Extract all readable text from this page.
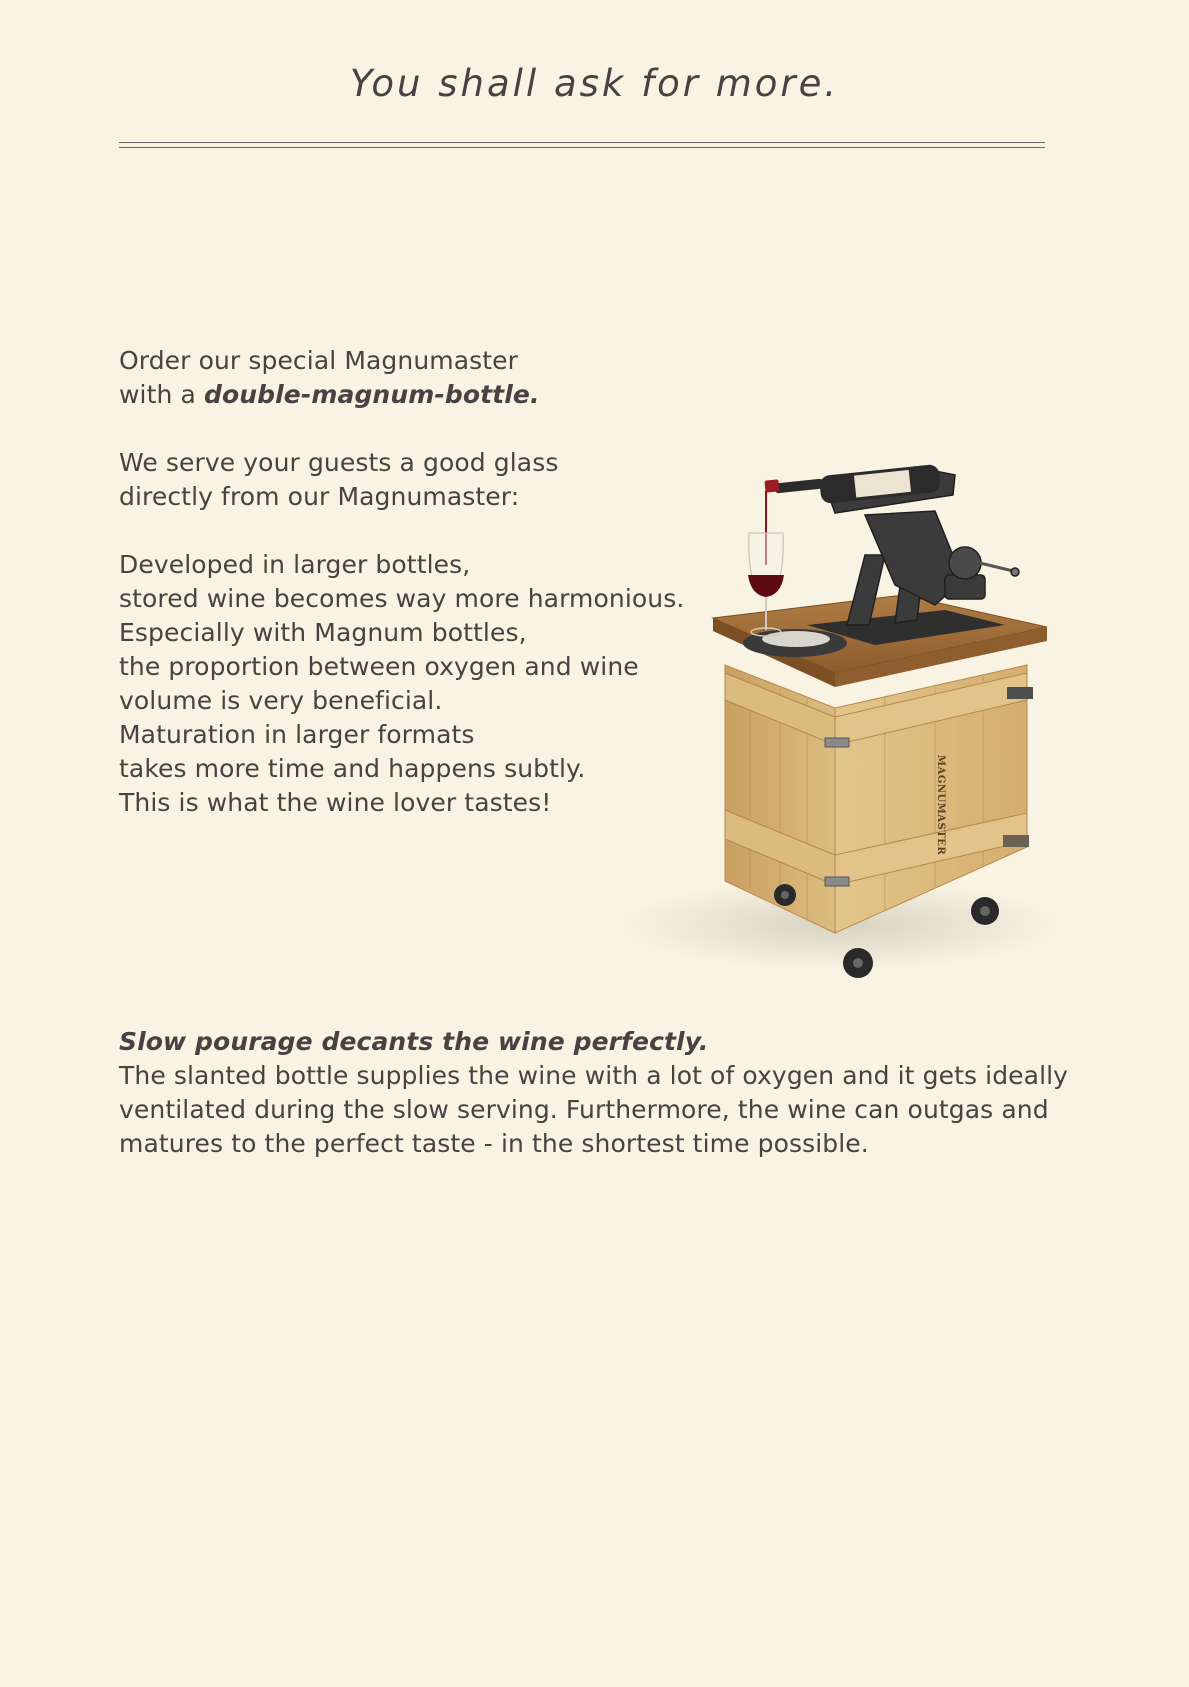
You shall ask for more.
Order our special Magnumaster
with a double-magnum-bottle.
We serve your guests a good glass
directly from our Magnumaster:
Developed in larger bottles,
stored wine becomes way more harmonious.
Especially with Magnum bottles,
the proportion between oxygen and wine
volume is very beneficial.
Maturation in larger formats
takes more time and happens subtly.
This is what the wine lover tastes!	MAGNUMASTER
Slow pourage decants the wine perfectly.
The slanted bottle supplies the wine with a lot of oxygen and it gets ideally
ventilated during the slow serving. Furthermore, the wine can outgas and
matures to the perfect taste - in the shortest time possible.
